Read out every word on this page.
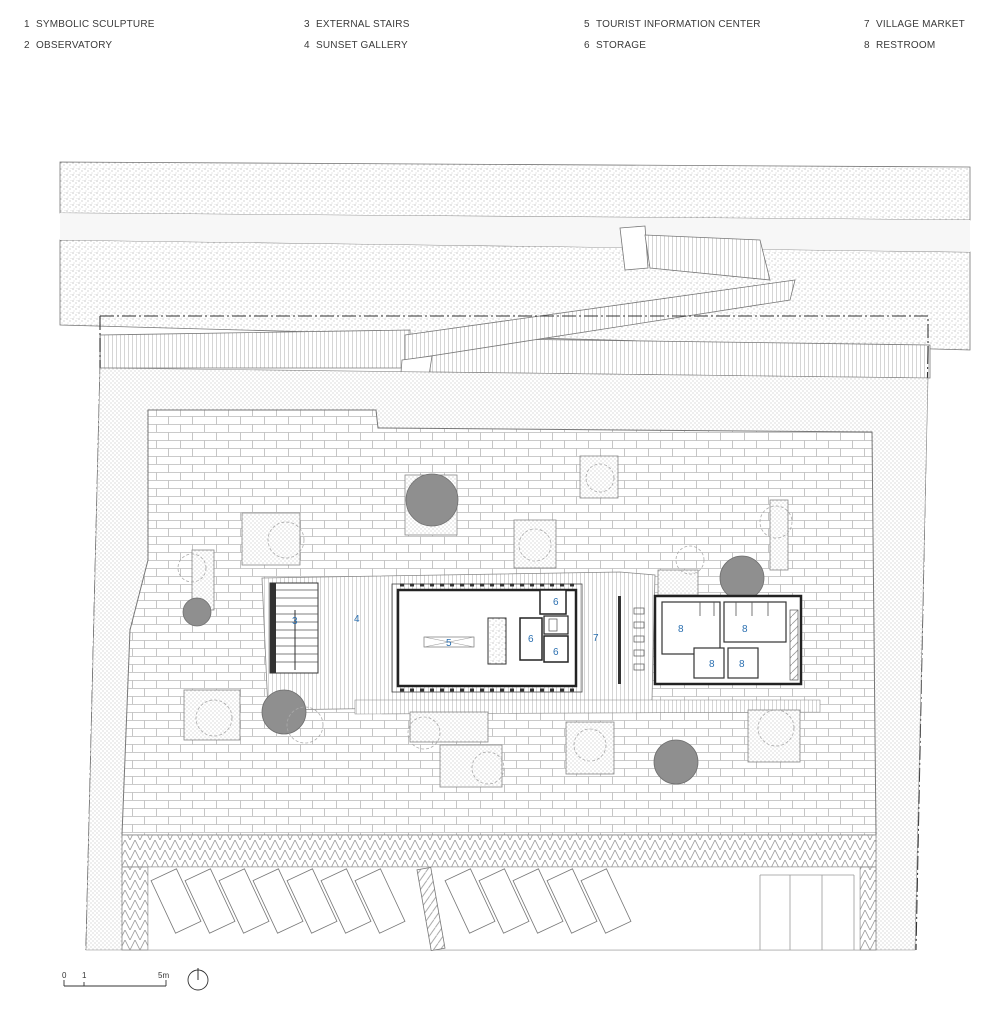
1 SYMBOLIC SCULPTURE
2 OBSERVATORY
3 EXTERNAL STAIRS
4 SUNSET GALLERY
5 TOURIST INFORMATION CENTER
6 STORAGE
7 VILLAGE MARKET
8 RESTROOM
3	4
5
6
6
6
7
8	8
8 8
0 1	5m
